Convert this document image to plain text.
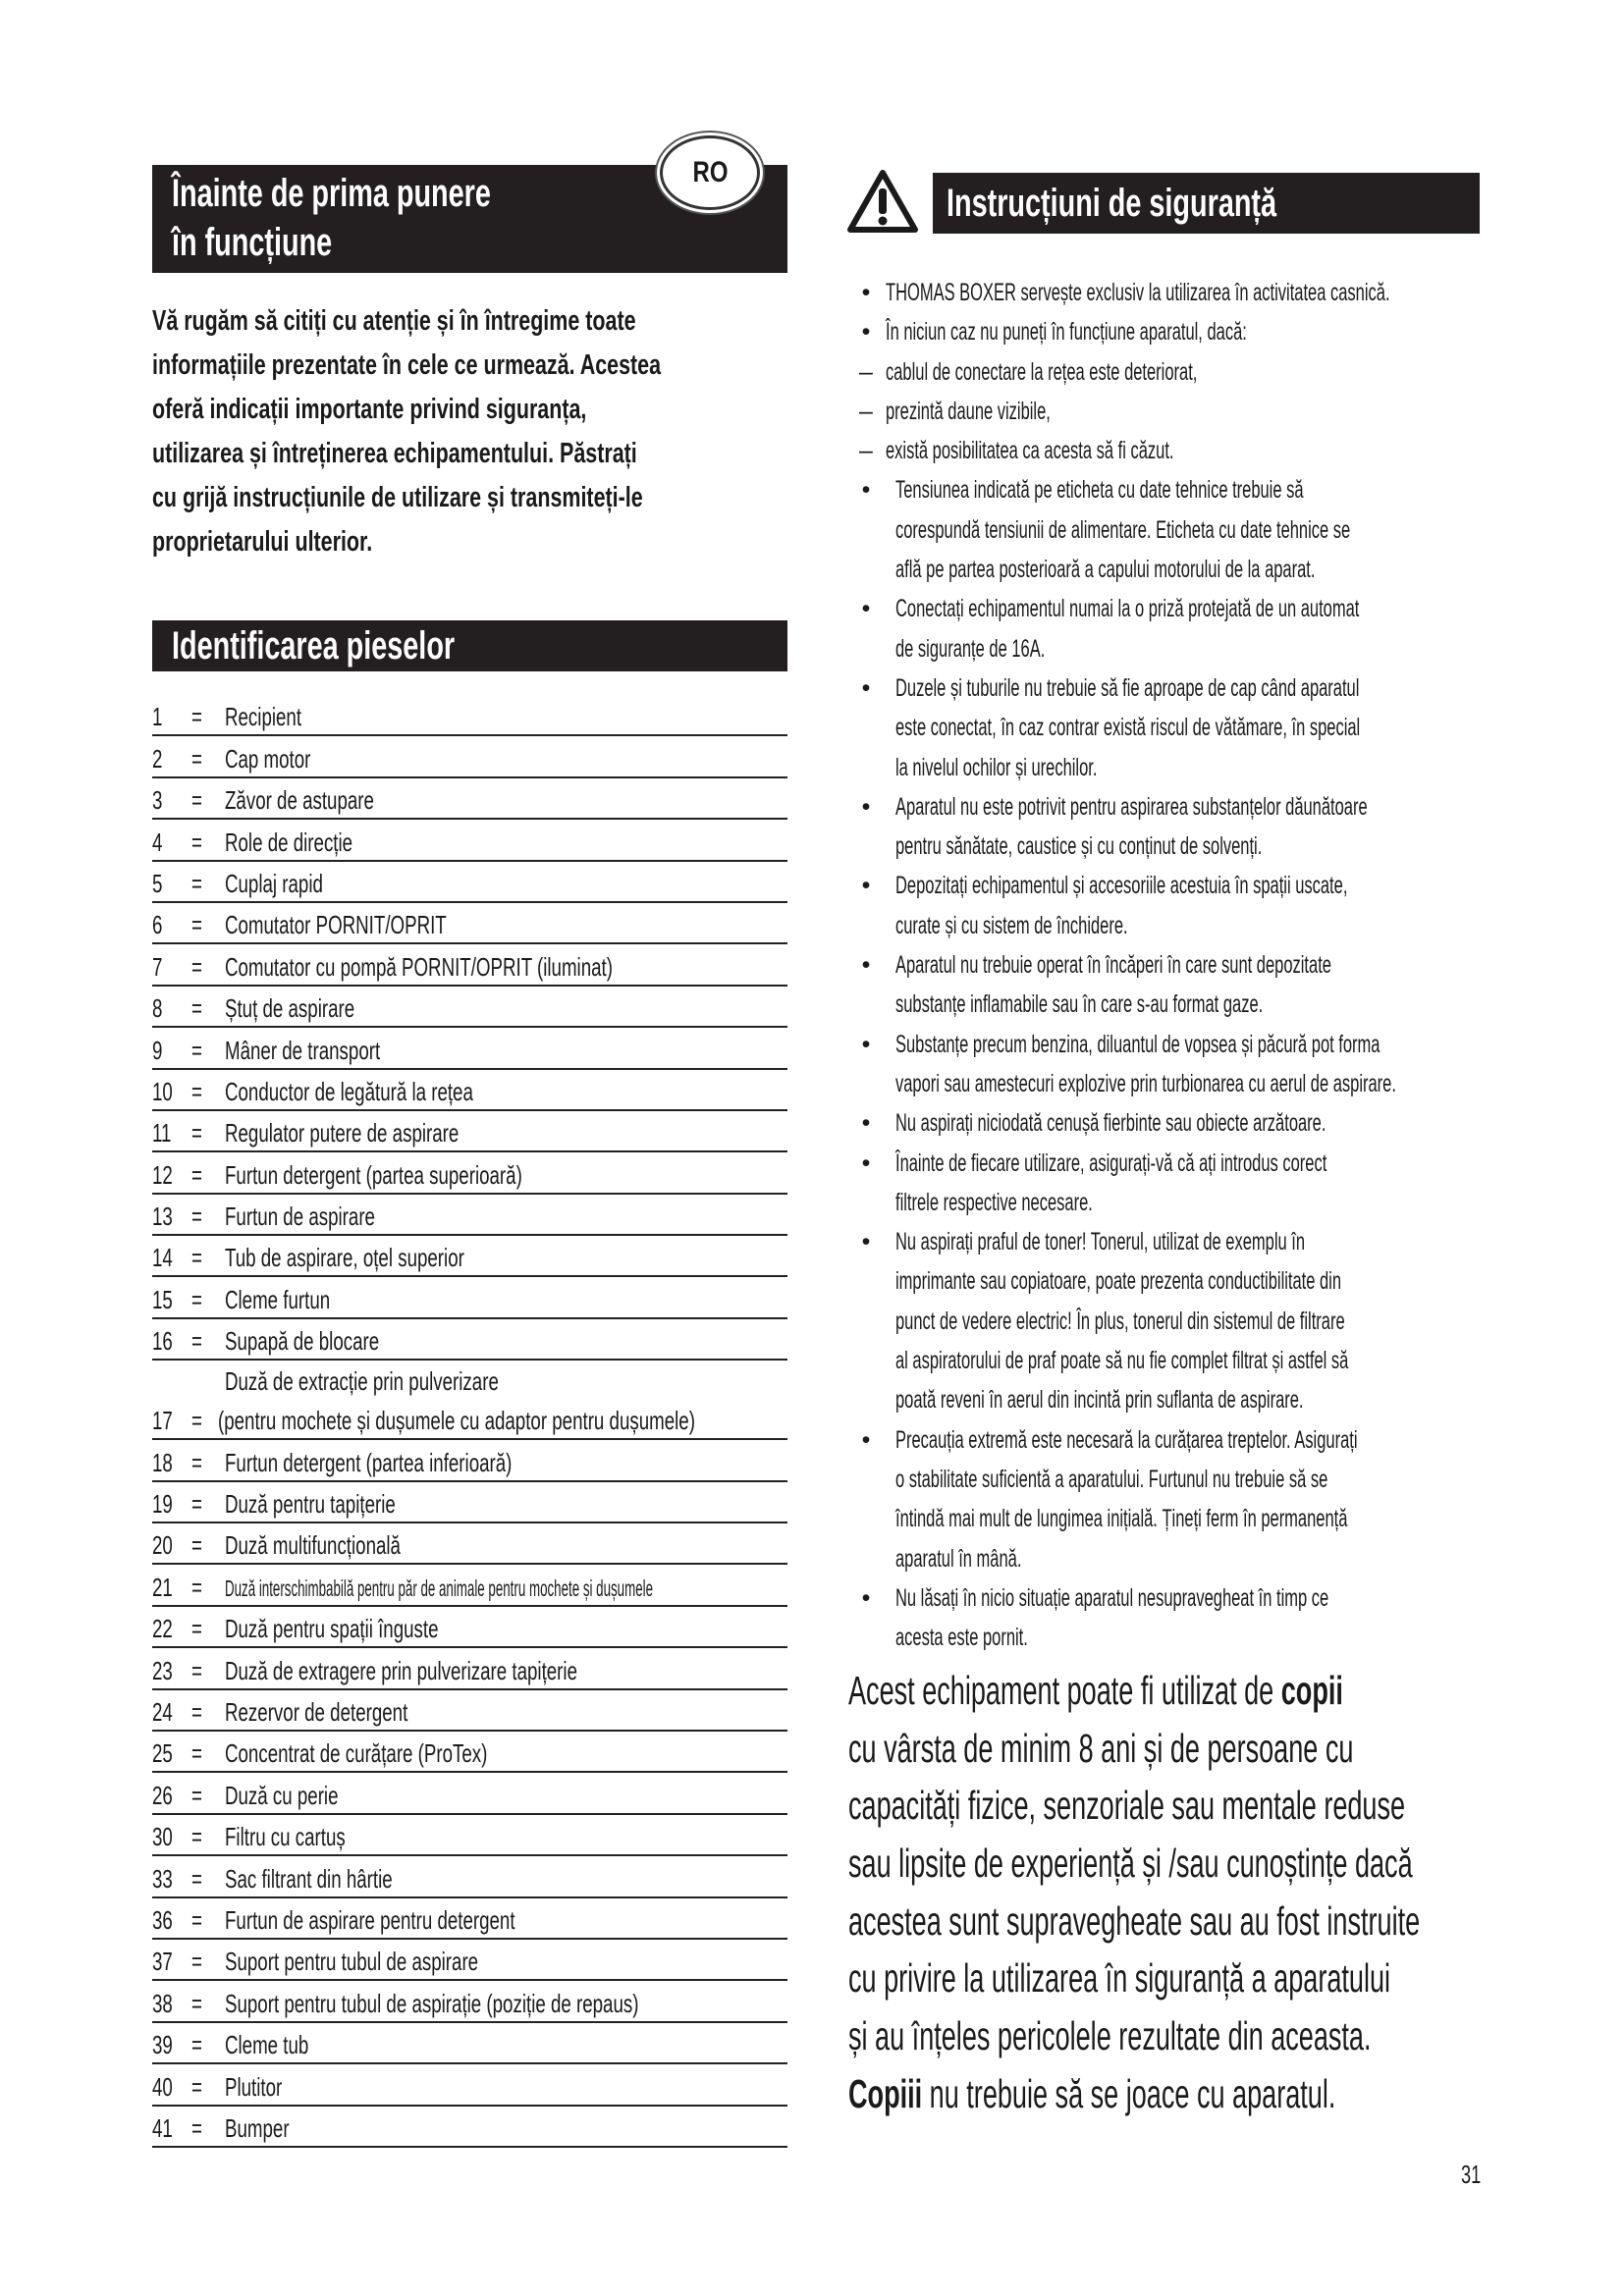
Înainte de prima punere
în funcțiune
RO
Vă rugăm să citiți cu atenție și în întregime toate
informațiile prezentate în cele ce urmează. Acestea
oferă indicații importante privind siguranța,
utilizarea și întreținerea echipamentului. Păstrați
cu grijă instrucțiunile de utilizare și transmiteți-le
proprietarului ulterior.
Identificarea pieselor
1 = Recipient
2 = Cap motor
3 = Zăvor de astupare
4 = Role de direcție
5 = Cuplaj rapid
6 = Comutator PORNIT/OPRIT
7 = Comutator cu pompă PORNIT/OPRIT (iluminat)
8 = Ștuț de aspirare
9 = Mâner de transport
10 = Conductor de legătură la rețea
11 = Regulator putere de aspirare
12 = Furtun detergent (partea superioară)
13 = Furtun de aspirare
14 = Tub de aspirare, oțel superior
15 = Cleme furtun
16 = Supapă de blocare
17 =
Duză de extracție prin pulverizare
(pentru mochete și dușumele cu adaptor pentru dușumele)
18 = Furtun detergent (partea inferioară)
19 = Duză pentru tapițerie
20 = Duză multifuncțională
21 = Duză interschimbabilă pentru păr de animale pentru mochete și dușumele
22 = Duză pentru spații înguste
23 = Duză de extragere prin pulverizare tapițerie
24 = Rezervor de detergent
25 = Concentrat de curățare (ProTex)
26 = Duză cu perie
30 = Filtru cu cartuș
33 = Sac filtrant din hârtie
36 = Furtun de aspirare pentru detergent
37 = Suport pentru tubul de aspirare
38 = Suport pentru tubul de aspirație (poziție de repaus)
39 = Cleme tub
40 = Plutitor
41 = Bumper
Instrucțiuni de siguranță
• THOMAS BOXER servește exclusiv la utilizarea în activitatea casnică.
• În niciun caz nu puneți în funcțiune aparatul, dacă:
– cablul de conectare la rețea este deteriorat,
– prezintă daune vizibile,
– există posibilitatea ca acesta să fi căzut.
• Tensiunea indicată pe eticheta cu date tehnice trebuie să
corespundă tensiunii de alimentare. Eticheta cu date tehnice se
află pe partea posterioară a capului motorului de la aparat.
• Conectați echipamentul numai la o priză protejată de un automat
de siguranțe de 16A.
• Duzele și tuburile nu trebuie să fie aproape de cap când aparatul
este conectat, în caz contrar există riscul de vătămare, în special
la nivelul ochilor și urechilor.
• Aparatul nu este potrivit pentru aspirarea substanțelor dăunătoare
pentru sănătate, caustice și cu conținut de solvenți.
• Depozitați echipamentul și accesoriile acestuia în spații uscate,
curate și cu sistem de închidere.
• Aparatul nu trebuie operat în încăperi în care sunt depozitate
substanțe inflamabile sau în care s-au format gaze.
• Substanțe precum benzina, diluantul de vopsea și păcură pot forma
vapori sau amestecuri explozive prin turbionarea cu aerul de aspirare.
• Nu aspirați niciodată cenușă fierbinte sau obiecte arzătoare.
• Înainte de fiecare utilizare, asigurați-vă că ați introdus corect
filtrele respective necesare.
• Nu aspirați praful de toner! Tonerul, utilizat de exemplu în
imprimante sau copiatoare, poate prezenta conductibilitate din
punct de vedere electric! În plus, tonerul din sistemul de filtrare
al aspiratorului de praf poate să nu fie complet filtrat și astfel să
poată reveni în aerul din incintă prin suflanta de aspirare.
• Precauția extremă este necesară la curățarea treptelor. Asigurați
o stabilitate suficientă a aparatului. Furtunul nu trebuie să se
întindă mai mult de lungimea inițială. Țineți ferm în permanență
aparatul în mână.
• Nu lăsați în nicio situație aparatul nesupravegheat în timp ce
acesta este pornit.
Acest echipament poate fi utilizat de copii
cu vârsta de minim 8 ani și de persoane cu
capacități fizice, senzoriale sau mentale reduse
sau lipsite de experiență și /sau cunoștințe dacă
acestea sunt supravegheate sau au fost instruite
cu privire la utilizarea în siguranță a aparatului
și au înțeles pericolele rezultate din aceasta.
Copiii nu trebuie să se joace cu aparatul.
31
